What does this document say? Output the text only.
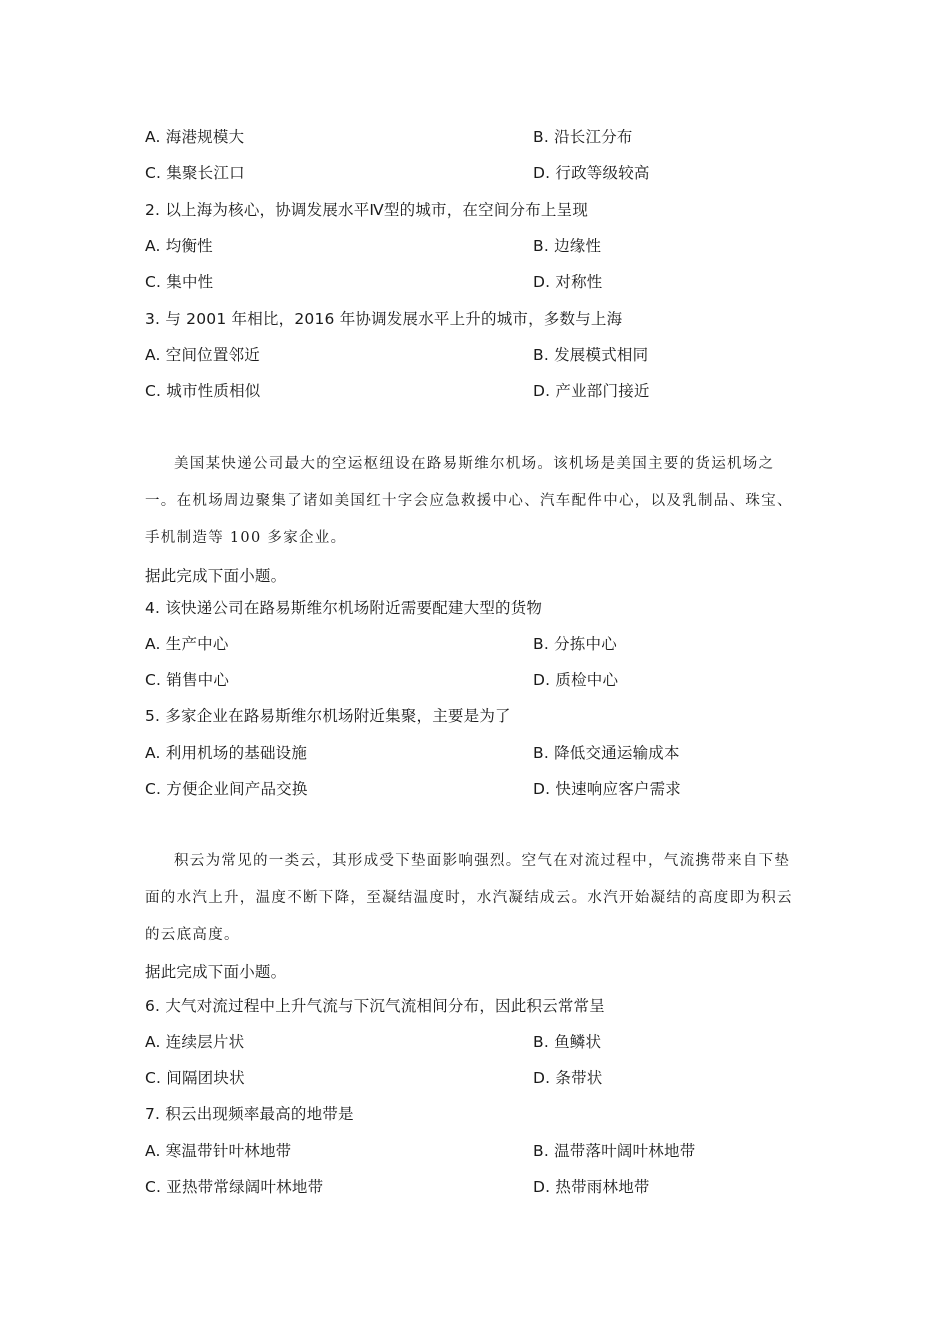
A. 海港规模大	B. 沿长江分布
C. 集聚长江口	D. 行政等级较高
2. 以上海为核心，协调发展水平Ⅳ型的城市，在空间分布上呈现
A. 均衡性	B. 边缘性
C. 集中性	D. 对称性
3. 与 2001 年相比，2016 年协调发展水平上升的城市，多数与上海
A. 空间位置邻近	B. 发展模式相同
C. 城市性质相似	D. 产业部门接近

美国某快递公司最大的空运枢纽设在路易斯维尔机场。该机场是美国主要的货运机场之一。在机场周边聚集了诸如美国红十字会应急救援中心、汽车配件中心，以及乳制品、珠宝、手机制造等 100 多家企业。

据此完成下面小题。
4. 该快递公司在路易斯维尔机场附近需要配建大型的货物
A. 生产中心	B. 分拣中心
C. 销售中心	D. 质检中心
5. 多家企业在路易斯维尔机场附近集聚，主要是为了
A. 利用机场的基础设施	B. 降低交通运输成本
C. 方便企业间产品交换	D. 快速响应客户需求

积云为常见的一类云，其形成受下垫面影响强烈。空气在对流过程中，气流携带来自下垫面的水汽上升，温度不断下降，至凝结温度时，水汽凝结成云。水汽开始凝结的高度即为积云的云底高度。

据此完成下面小题。
6. 大气对流过程中上升气流与下沉气流相间分布，因此积云常常呈
A. 连续层片状	B. 鱼鳞状
C. 间隔团块状	D. 条带状
7. 积云出现频率最高的地带是
A. 寒温带针叶林地带	B. 温带落叶阔叶林地带
C. 亚热带常绿阔叶林地带	D. 热带雨林地带
